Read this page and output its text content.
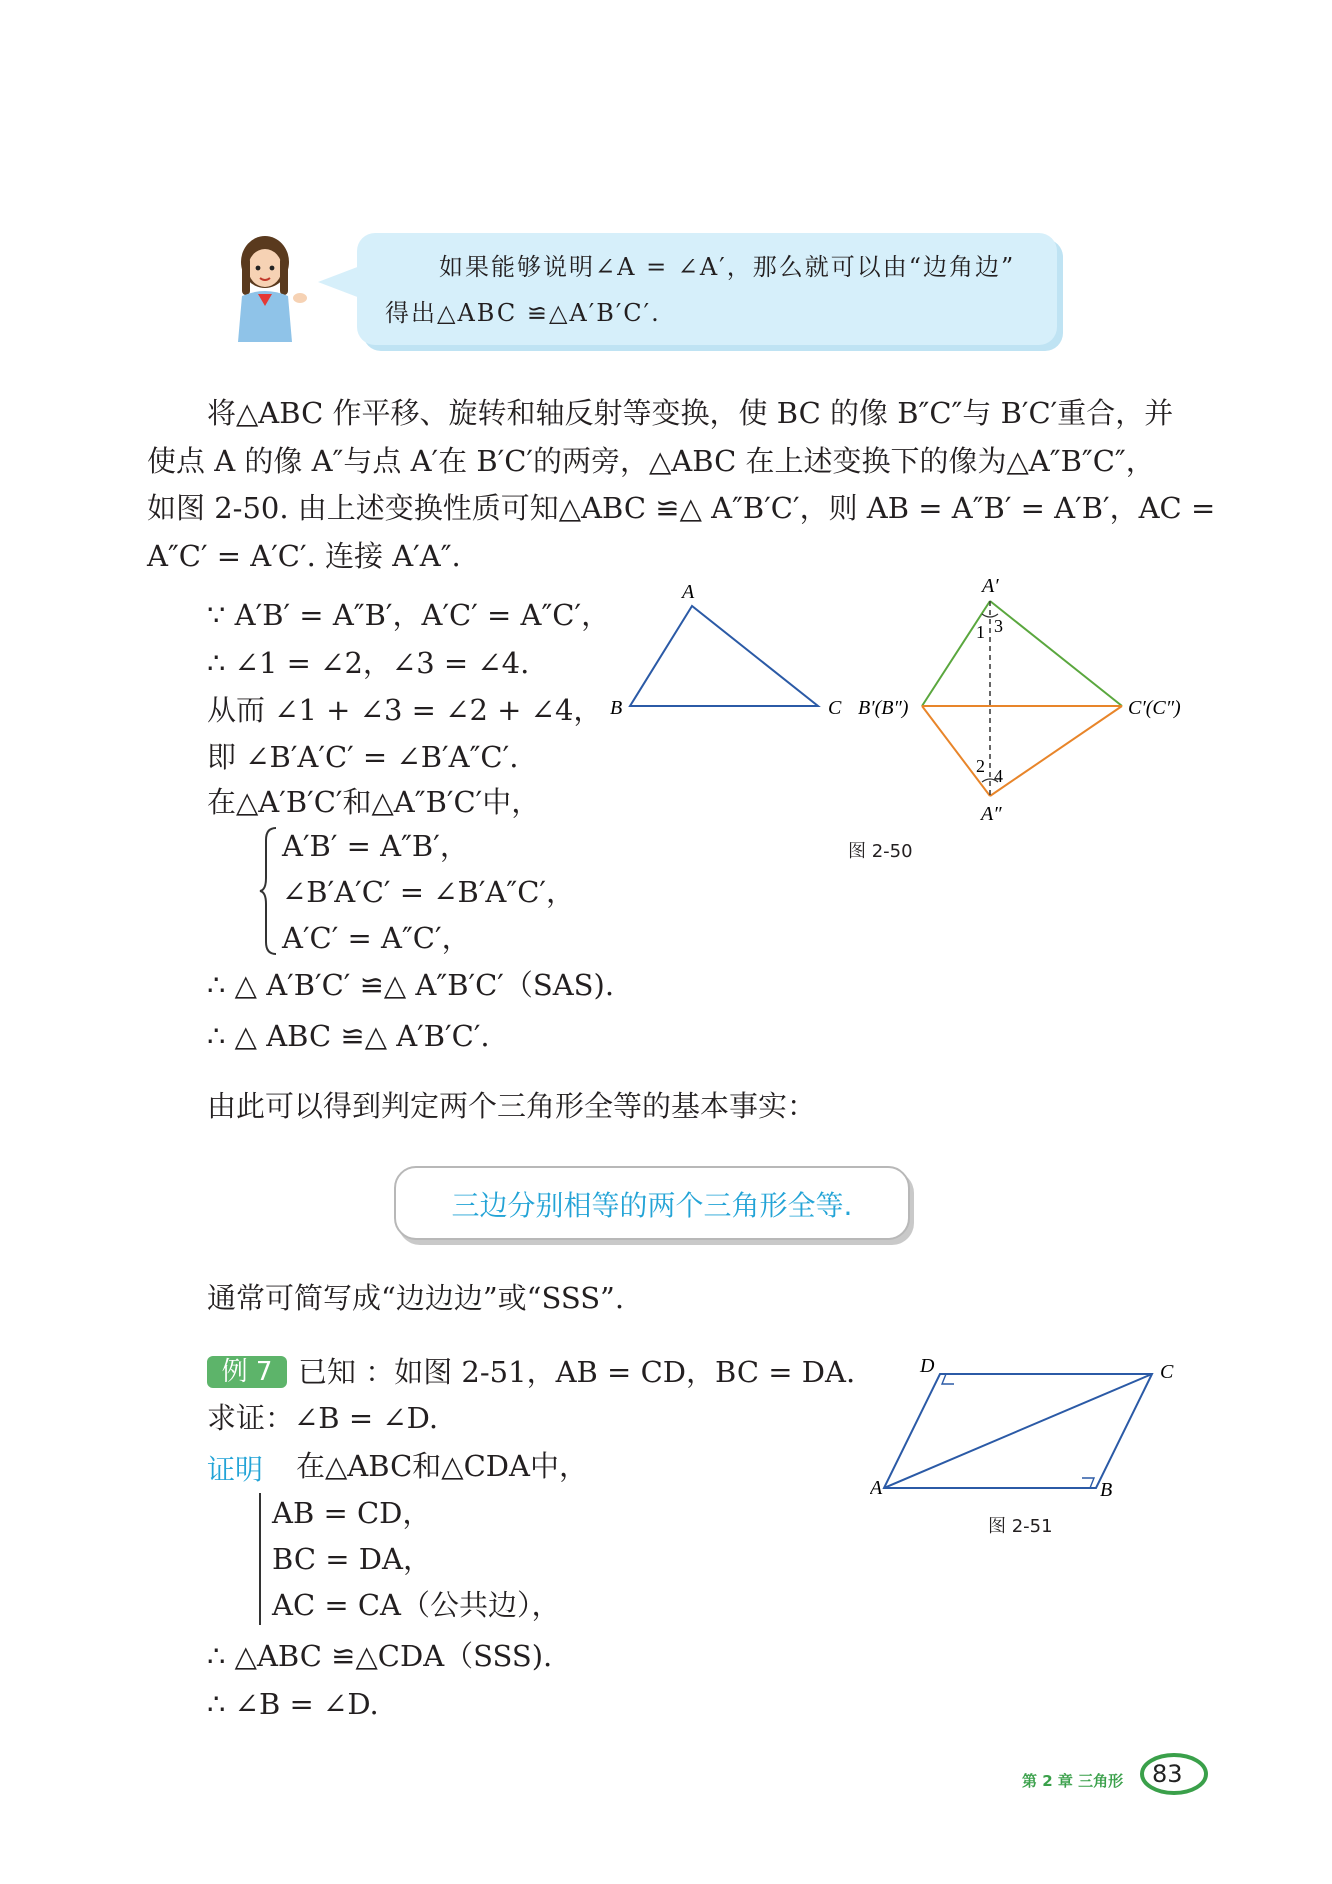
如果能够说明∠A = ∠A′，那么就可以由“边角边”
得出△ABC ≌△A′B′C′.
将△ABC 作平移、旋转和轴反射等变换，使 BC 的像 B″C″与 B′C′重合，并
使点 A 的像 A″与点 A′在 B′C′的两旁，△ABC 在上述变换下的像为△A″B″C″，
如图 2-50. 由上述变换性质可知△ABC ≌△ A″B′C′，则 AB = A″B′ = A′B′，AC =
A″C′ = A′C′. 连接 A′A″.
∵ A′B′ = A″B′，A′C′ = A″C′，
∴ ∠1 = ∠2，∠3 = ∠4.
从而 ∠1 + ∠3 = ∠2 + ∠4，
即 ∠B′A′C′ = ∠B′A″C′.
在△A′B′C′和△A″B′C′中，
A′B′ = A″B′，
∠B′A′C′ = ∠B′A″C′，
A′C′ = A″C′，
∴ △ A′B′C′ ≌△ A″B′C′（SAS).
∴ △ ABC ≌△ A′B′C′.
A
B	C
A′
B′(B″)	C′(C″)
A″
1 3
2 4
图 2-50
由此可以得到判定两个三角形全等的基本事实：
三边分别相等的两个三角形全等.
通常可简写成“边边边”或“SSS”.
例 7 已知 ：如图 2-51，AB = CD，BC = DA.
求证：∠B = ∠D.
证明 在△ABC和△CDA中，
AB = CD，
BC = DA，
AC = CA（公共边），
∴ △ABC ≌△CDA（SSS).
∴ ∠B = ∠D.
D	C
A	B
图 2-51
第 2 章 三角形 83
